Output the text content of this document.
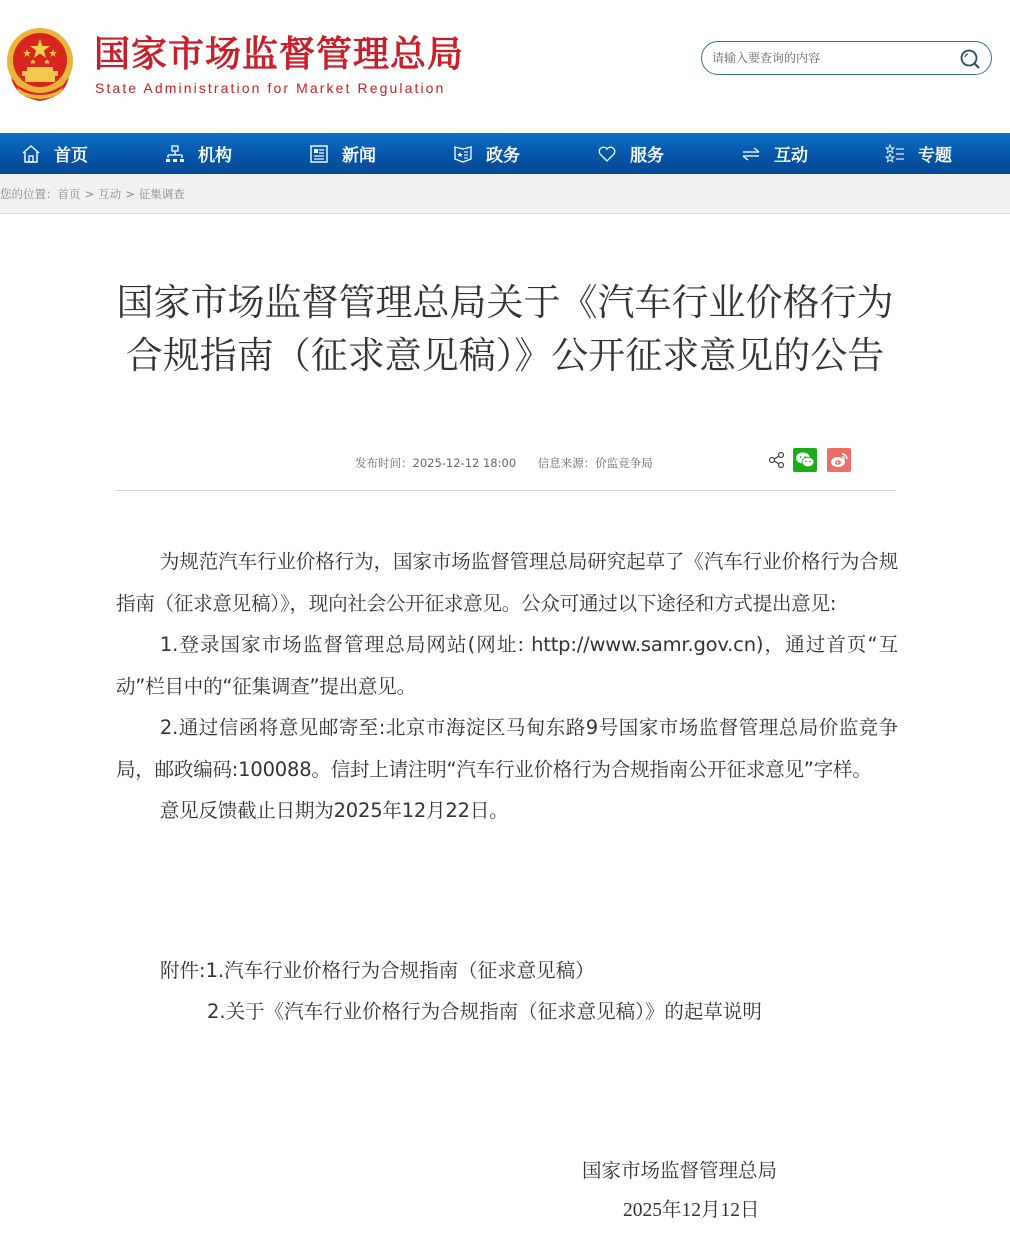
国家市场监督管理总局
State Administration for Market Regulation
请输入要查询的内容
首页	机构	新闻	政务	服务	互动	专题
您的位置： 首页 > 互动 > 征集调查
国家市场监督管理总局关于《汽车行业价格行为合规指南（征求意见稿）》公开征求意见的公告
发布时间：2025-12-12 18:00 信息来源：价监竞争局

为规范汽车行业价格行为，国家市场监督管理总局研究起草了《汽车行业价格行为合规指南（征求意见稿）》，现向社会公开征求意见。公众可通过以下途径和方式提出意见:

1.登录国家市场监督管理总局网站(网址: http://www.samr.gov.cn)，通过首页“互动”栏目中的“征集调查”提出意见。

2.通过信函将意见邮寄至:北京市海淀区马甸东路9号国家市场监督管理总局价监竞争局，邮政编码:100088。信封上请注明“汽车行业价格行为合规指南公开征求意见”字样。

意见反馈截止日期为2025年12月22日。

附件:1.汽车行业价格行为合规指南（征求意见稿）
2.关于《汽车行业价格行为合规指南（征求意见稿）》的起草说明
国家市场监督管理总局
2025年12月12日
